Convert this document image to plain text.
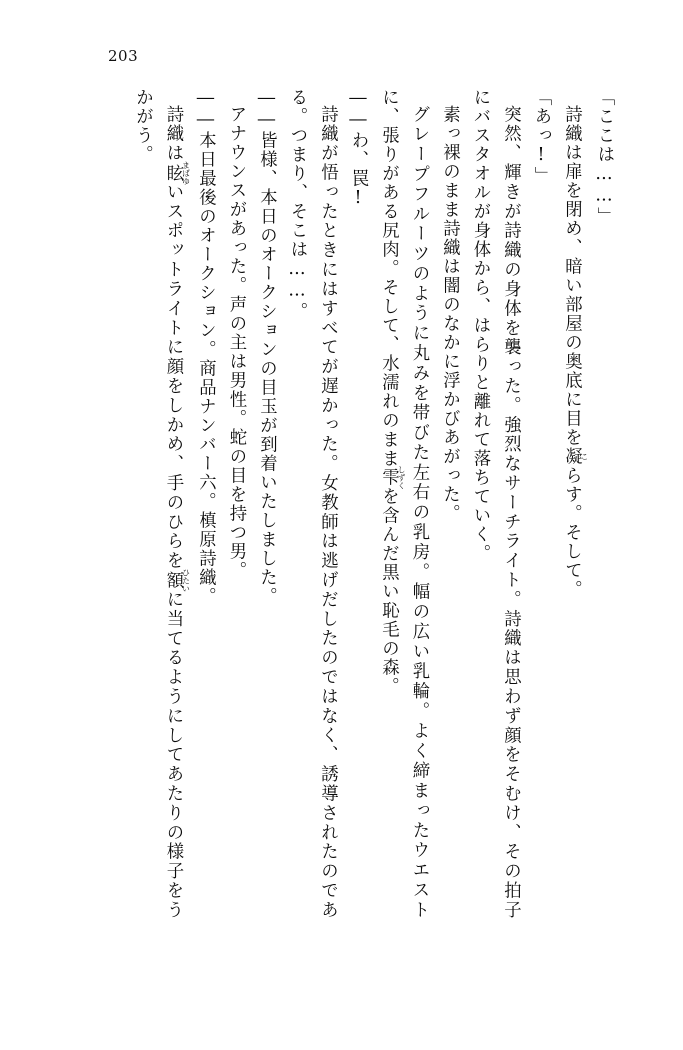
203

「ここは……」

詩織は扉を閉め、暗い部屋の奥底に目を凝こらす。そして。

「あっ!」

突然、輝きが詩織の身体を襲った。強烈なサーチライト。詩織は思わず顔をそむけ、その拍子にバスタオルが身体から、はらりと離れて落ちていく。

素っ裸のまま詩織は闇のなかに浮かびあがった。

グレープフルーツのように丸みを帯びた左右の乳房。幅の広い乳輪。よく締まったウエストに、張りがある尻肉。そして、水濡れのまま雫しずくを含んだ黒い恥毛の森。

――わ、罠!

詩織が悟ったときにはすべてが遅かった。女教師は逃げだしたのではなく、誘導されたのである。つまり、そこは……。

――皆様、本日のオークションの目玉が到着いたしました。

アナウンスがあった。声の主は男性。蛇の目を持つ男。

――本日最後のオークション。商品ナンバー六。槙原詩織。

詩織は眩まばゆいスポットライトに顔をしかめ、手のひらを額ひたいに当てるようにしてあたりの様子をうかがう。
